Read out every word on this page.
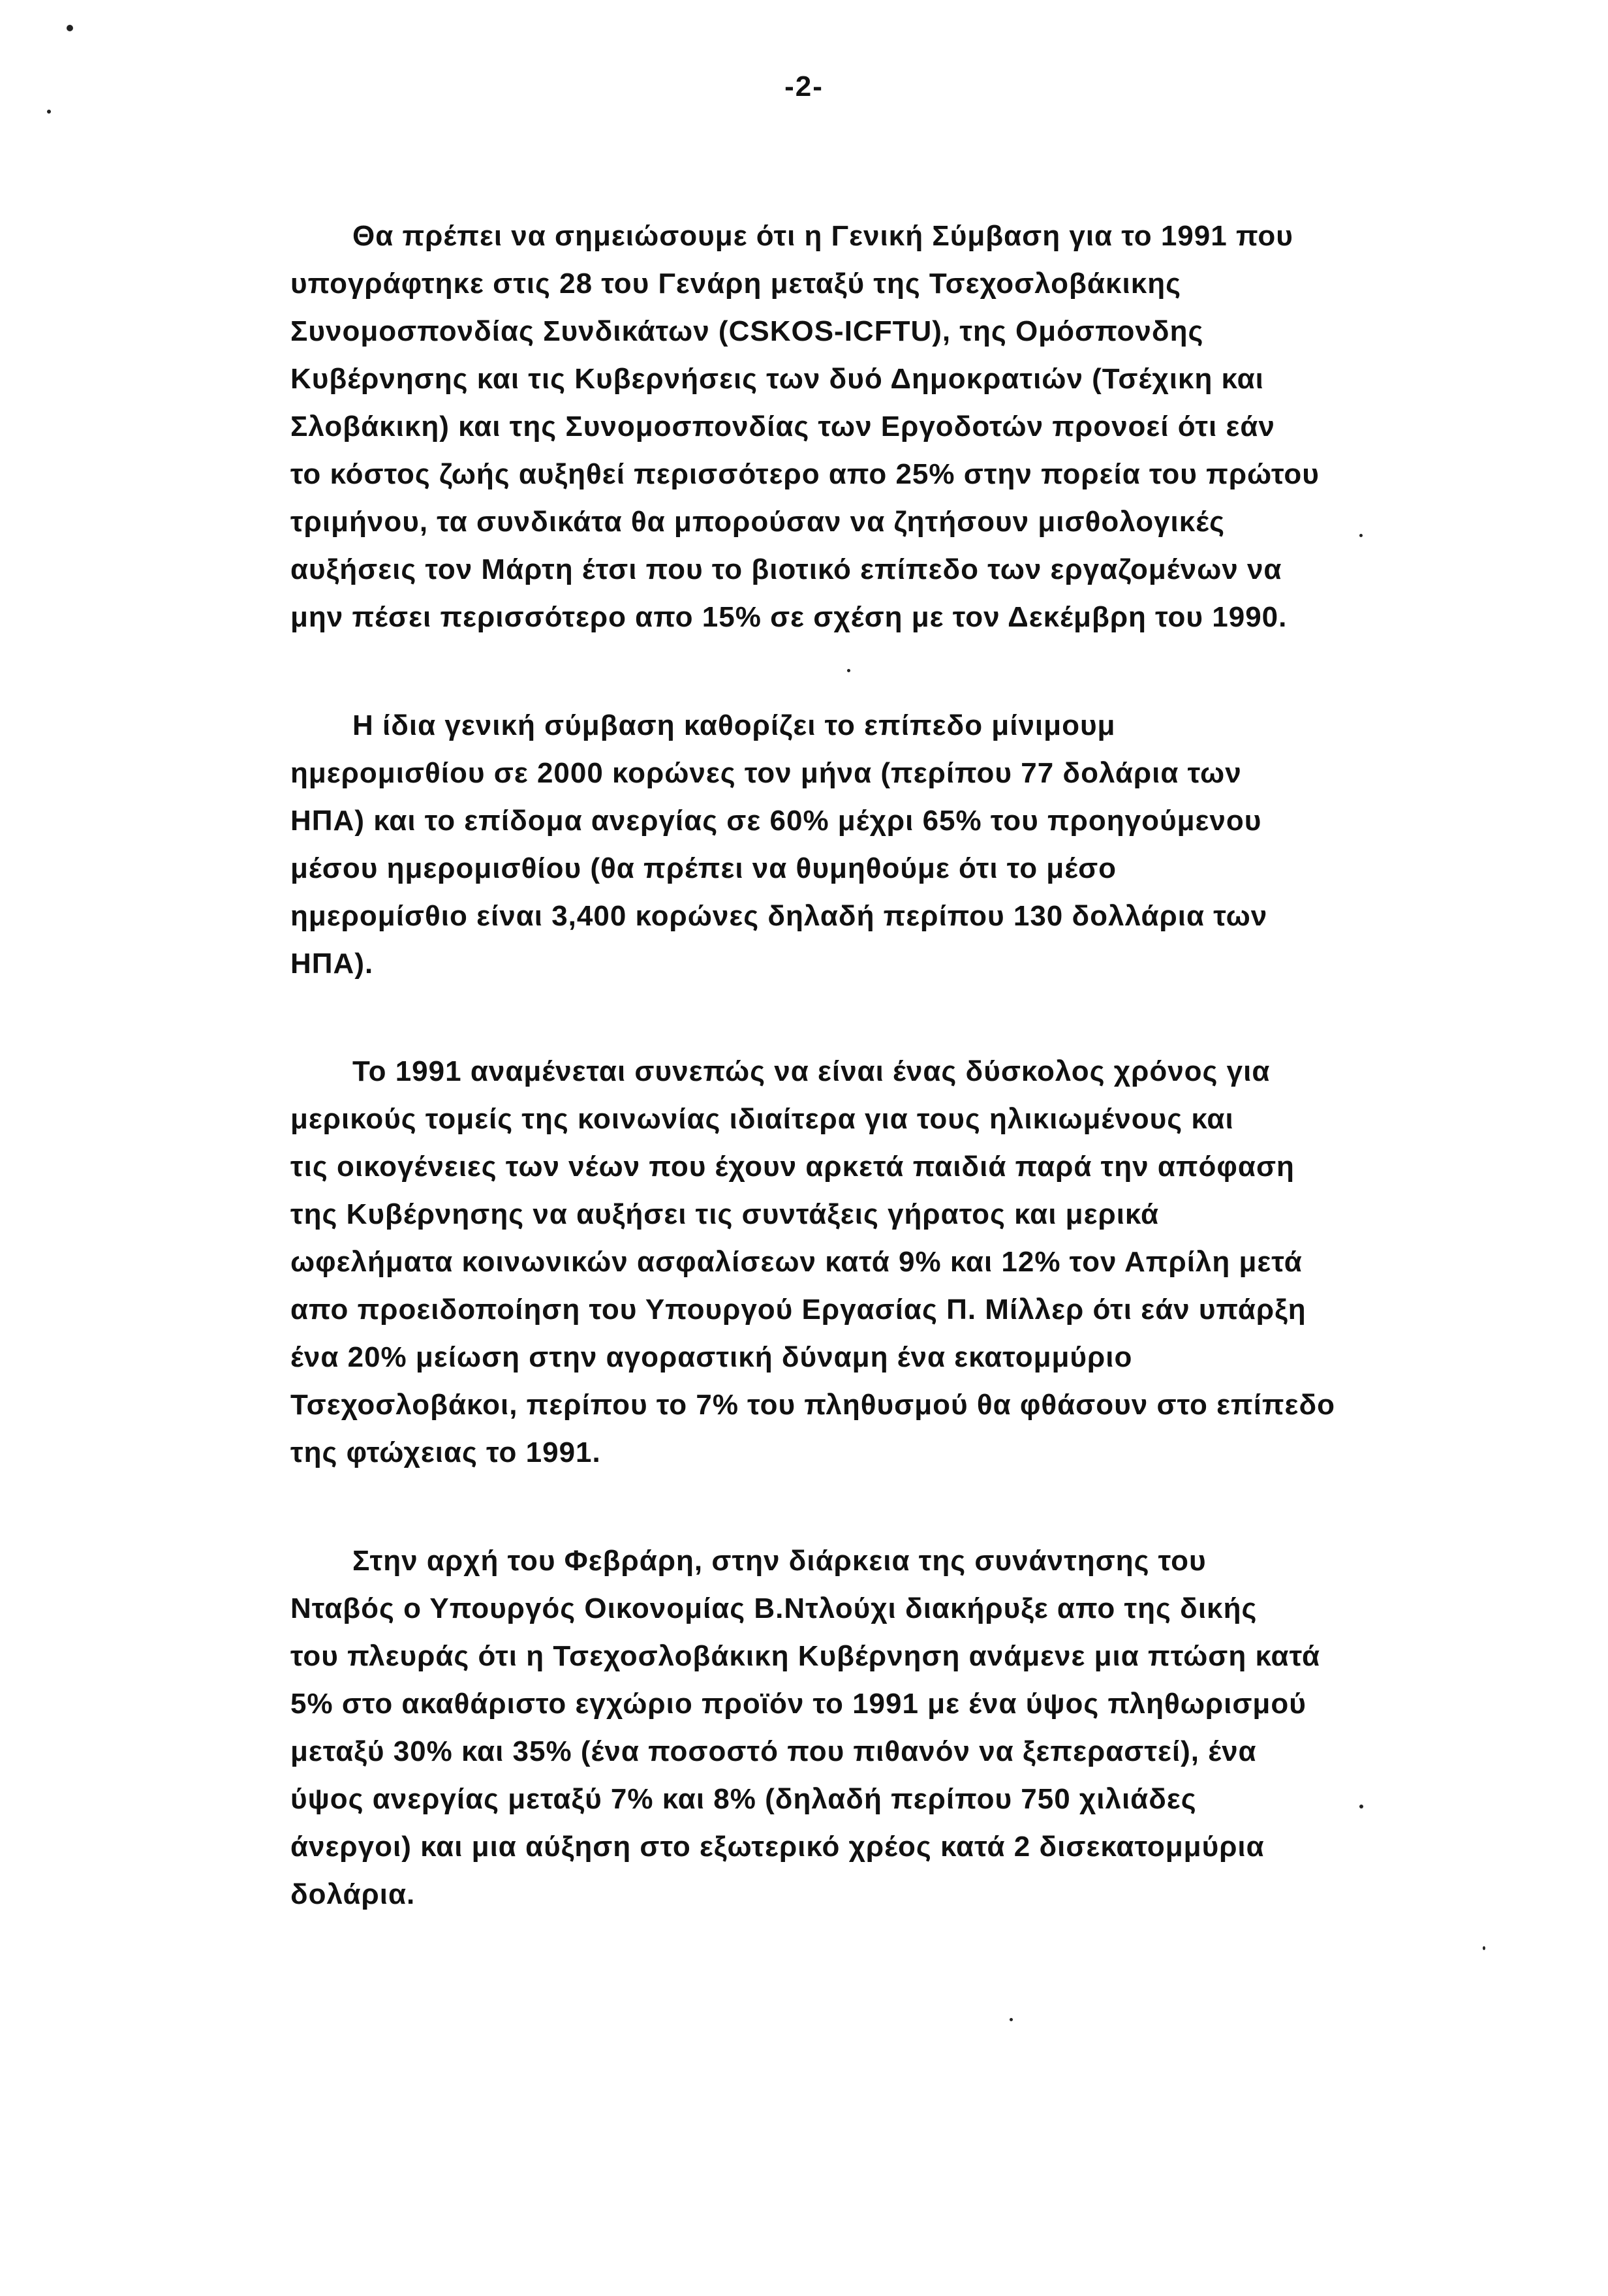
-2-
Θα πρέπει να σημειώσουμε ότι η Γενική Σύμβαση για το 1991 που
υπογράφτηκε στις 28 του Γενάρη μεταξύ της Τσεχοσλοβάκικης
Συνομοσπονδίας Συνδικάτων (CSKOS-ICFTU), της Ομόσπονδης
Κυβέρνησης και τις Κυβερνήσεις των δυό Δημοκρατιών (Τσέχικη και
Σλοβάκικη) και της Συνομοσπονδίας των Εργοδοτών προνοεί ότι εάν
το κόστος ζωής αυξηθεί περισσότερο απο 25% στην πορεία του πρώτου
τριμήνου, τα συνδικάτα θα μπορούσαν να ζητήσουν μισθολογικές
αυξήσεις τον Μάρτη έτσι που το βιοτικό επίπεδο των εργαζομένων να
μην πέσει περισσότερο απο 15% σε σχέση με τον Δεκέμβρη του 1990.
Η ίδια γενική σύμβαση καθορίζει το επίπεδο μίνιμουμ
ημερομισθίου σε 2000 κορώνες τον μήνα (περίπου 77 δολάρια των
ΗΠΑ) και το επίδομα ανεργίας σε 60% μέχρι 65% του προηγούμενου
μέσου ημερομισθίου (θα πρέπει να θυμηθούμε ότι το μέσο
ημερομίσθιο είναι 3,400 κορώνες δηλαδή περίπου 130 δολλάρια των
ΗΠΑ).
Το 1991 αναμένεται συνεπώς να είναι ένας δύσκολος χρόνος για
μερικούς τομείς της κοινωνίας ιδιαίτερα για τους ηλικιωμένους και
τις οικογένειες των νέων που έχουν αρκετά παιδιά παρά την απόφαση
της Κυβέρνησης να αυξήσει τις συντάξεις γήρατος και μερικά
ωφελήματα κοινωνικών ασφαλίσεων κατά 9% και 12% τον Απρίλη μετά
απο προειδοποίηση του Υπουργού Εργασίας Π. Μίλλερ ότι εάν υπάρξη
ένα 20% μείωση στην αγοραστική δύναμη ένα εκατομμύριο
Τσεχοσλοβάκοι, περίπου το 7% του πληθυσμού θα φθάσουν στο επίπεδο
της φτώχειας το 1991.
Στην αρχή του Φεβράρη, στην διάρκεια της συνάντησης του
Νταβός ο Υπουργός Οικονομίας Β.Ντλούχι διακήρυξε απο της δικής
του πλευράς ότι η Τσεχοσλοβάκικη Κυβέρνηση ανάμενε μια πτώση κατά
5% στο ακαθάριστο εγχώριο προϊόν το 1991 με ένα ύψος πληθωρισμού
μεταξύ 30% και 35% (ένα ποσοστό που πιθανόν να ξεπεραστεί), ένα
ύψος ανεργίας μεταξύ 7% και 8% (δηλαδή περίπου 750 χιλιάδες
άνεργοι) και μια αύξηση στο εξωτερικό χρέος κατά 2 δισεκατομμύρια
δολάρια.
